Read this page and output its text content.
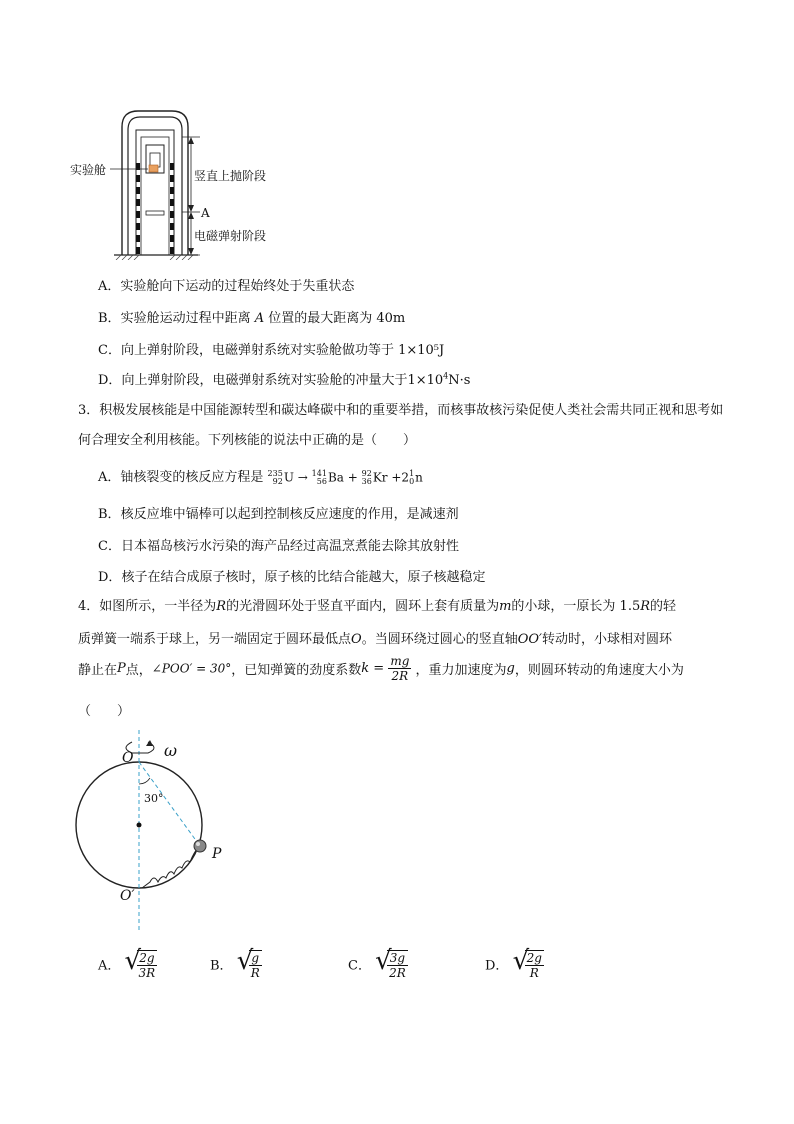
实验舱	竖直上抛阶段
A
电磁弹射阶段
A．实验舱向下运动的过程始终处于失重状态
B．实验舱运动过程中距离 A 位置的最大距离为 40m
C．向上弹射阶段，电磁弹射系统对实验舱做功等于 1×10⁵J
D．向上弹射阶段，电磁弹射系统对实验舱的冲量大于$1\times 10^4N\cdot s$
3．积极发展核能是中国能源转型和碳达峰碳中和的重要举措，而核事故核污染促使人类社会需共同正视和思考如何合理安全利用核能。下列核能的说法中正确的是（　　）
A．铀核裂变的核反应方程是 235
92U → 141
56Ba + 92
36Kr +21
0n
B．核反应堆中镉棒可以起到控制核反应速度的作用，是减速剂
C．日本福岛核污水污染的海产品经过高温烹煮能去除其放射性
D．核子在结合成原子核时，原子核的比结合能越大，原子核越稳定
4．如图所示，一半径为R的光滑圆环处于竖直平面内，圆环上套有质量为m的小球，一原长为 1.5R的轻
质弹簧一端系于球上，另一端固定于圆环最低点O。当圆环绕过圆心的竖直轴OO′转动时，小球相对圆环
静止在P点，∠POO′ = 30°，已知弹簧的劲度系数$k = \frac{mg}{2R}$ ，重力加速度为g，则圆环转动的角速度大小为
（　　）
O ω
30°
P
O′
A． √
$\frac{2g}{3R}$	B． √
$\frac{g}{R}$	C． √
$\frac{3g}{2R}$	D． √
$\frac{2g}{R}$
